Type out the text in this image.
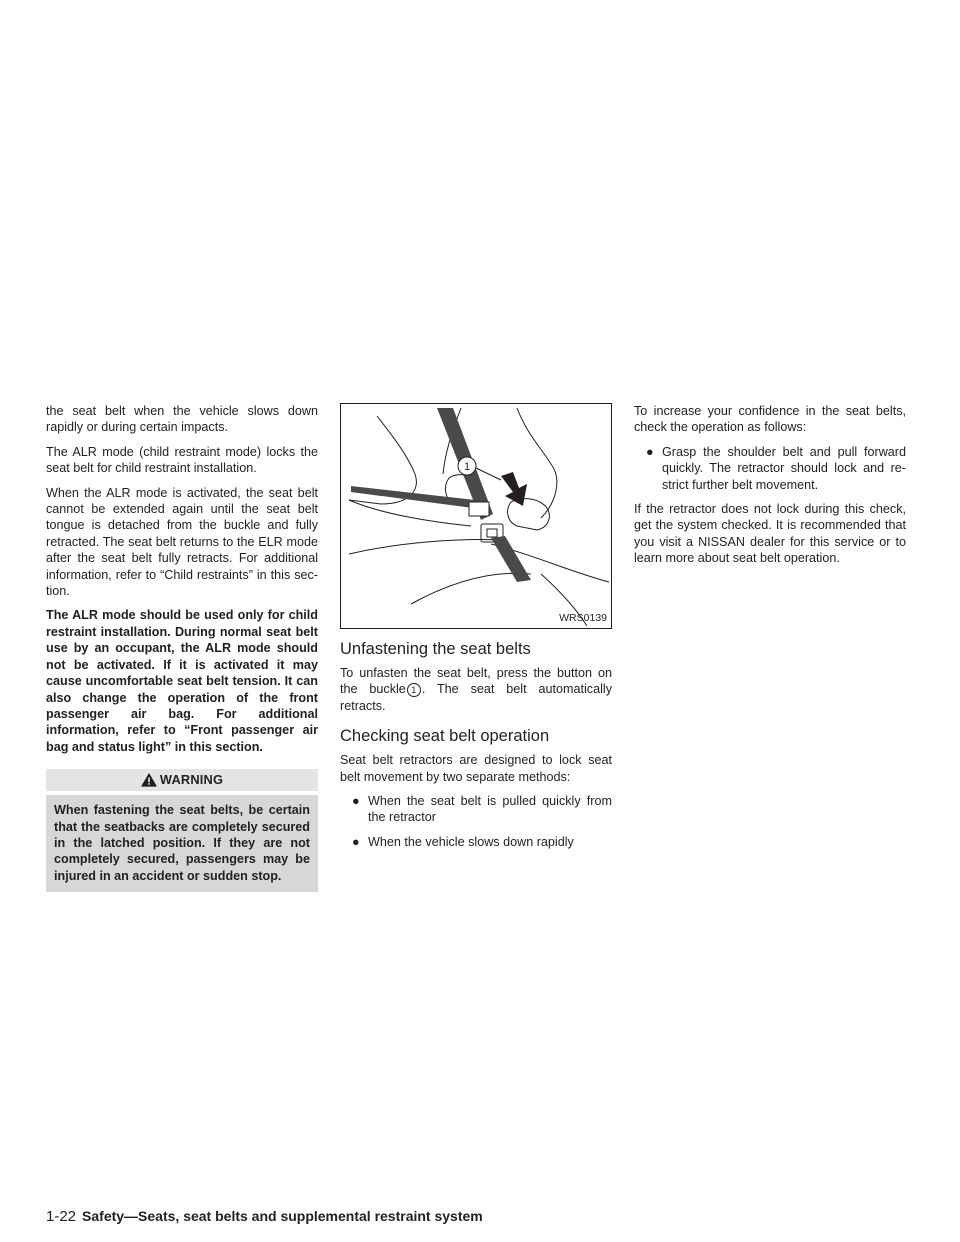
the seat belt when the vehicle slows down rapidly or during certain impacts.

The ALR mode (child restraint mode) locks the seat belt for child restraint installation.

When the ALR mode is activated, the seat belt cannot be extended again until the seat belt tongue is detached from the buckle and fully retracted. The seat belt returns to the ELR mode after the seat belt fully retracts. For additional information, refer to “Child restraints” in this section.

The ALR mode should be used only for child restraint installation. During normal seat belt use by an occupant, the ALR mode should not be activated. If it is activated it may cause uncomfortable seat belt tension. It can also change the operation of the front passenger air bag. For additional information, refer to “Front passenger air bag and status light” in this section.

WARNING
When fastening the seat belts, be certain that the seatbacks are completely secured in the latched position. If they are not completely secured, passengers may be injured in an accident or sudden stop.
1
WRS0139
Unfastening the seat belts

To unfasten the seat belt, press the button on the buckle 1 . The seat belt automatically retracts.

Checking seat belt operation

Seat belt retractors are designed to lock seat belt movement by two separate methods:

● When the seat belt is pulled quickly from the retractor
● When the vehicle slows down rapidly

To increase your confidence in the seat belts, check the operation as follows:

● Grasp the shoulder belt and pull forward quickly. The retractor should lock and restrict further belt movement.

If the retractor does not lock during this check, get the system checked. It is recommended that you visit a NISSAN dealer for this service or to learn more about seat belt operation.

1-22 Safety—Seats, seat belts and supplemental restraint system
